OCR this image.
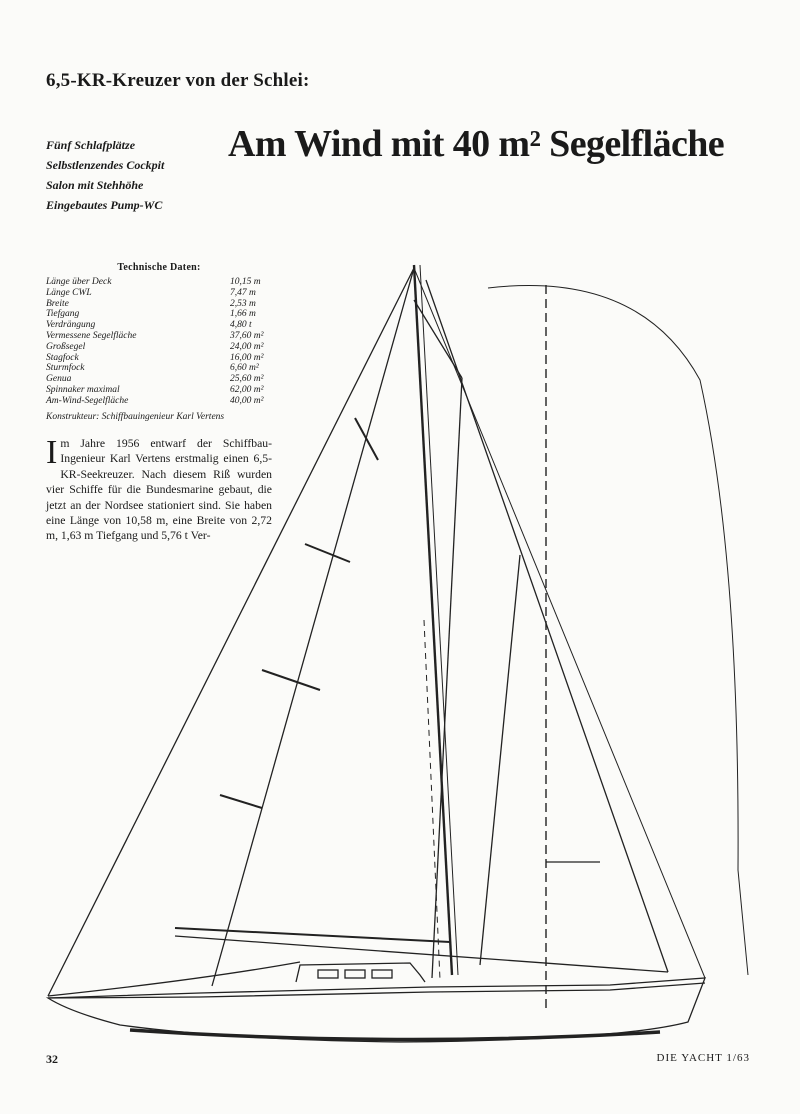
6,5-KR-Kreuzer von der Schlei:
Fünf Schlafplätze
Selbstlenzendes Cockpit
Salon mit Stehhöhe
Eingebautes Pump-WC
Am Wind mit 40 m² Segelfläche
Technische Daten:
Länge über Deck	10,15 m
Länge CWL	7,47 m
Breite	2,53 m
Tiefgang	1,66 m
Verdrängung	4,80 t
Vermessene Segelfläche	37,60 m²
Großsegel	24,00 m²
Stagfock	16,00 m²
Sturmfock	6,60 m²
Genua	25,60 m²
Spinnaker maximal	62,00 m²
Am-Wind-Segelfläche	40,00 m²
Konstrukteur: Schiffbauingenieur Karl Vertens

Im Jahre 1956 entwarf der Schiffbau-Ingenieur Karl Vertens erstmalig einen 6,5-KR-Seekreuzer. Nach diesem Riß wurden vier Schiffe für die Bundesmarine gebaut, die jetzt an der Nordsee stationiert sind. Sie haben eine Länge von 10,58 m, eine Breite von 2,72 m, 1,63 m Tiefgang und 5,76 t Ver-

32	DIE YACHT 1/63
